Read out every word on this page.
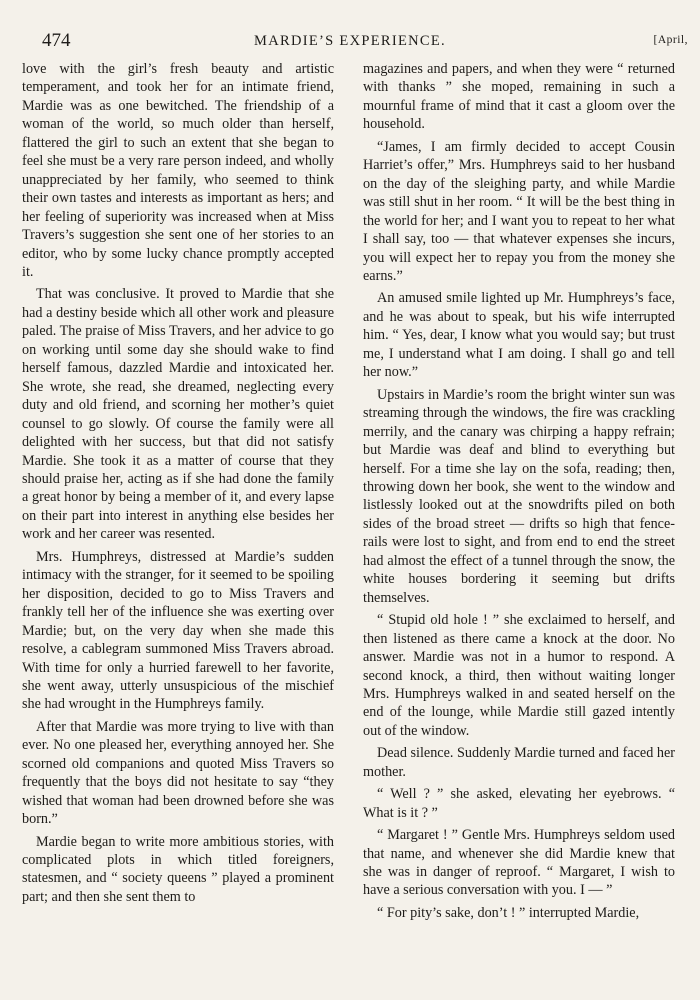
474	MARDIE’S EXPERIENCE.	[April,

love with the girl’s fresh beauty and artistic temperament, and took her for an intimate friend, Mardie was as one bewitched. The friendship of a woman of the world, so much older than herself, flattered the girl to such an extent that she began to feel she must be a very rare person indeed, and wholly unappreciated by her family, who seemed to think their own tastes and interests as important as hers; and her feeling of superiority was increased when at Miss Travers’s suggestion she sent one of her stories to an editor, who by some lucky chance promptly accepted it.

That was conclusive. It proved to Mardie that she had a destiny beside which all other work and pleasure paled. The praise of Miss Travers, and her advice to go on working until some day she should wake to find herself famous, dazzled Mardie and intoxicated her. She wrote, she read, she dreamed, neglecting every duty and old friend, and scorning her mother’s quiet counsel to go slowly. Of course the family were all delighted with her success, but that did not satisfy Mardie. She took it as a matter of course that they should praise her, acting as if she had done the family a great honor by being a member of it, and every lapse on their part into interest in anything else besides her work and her career was resented.

Mrs. Humphreys, distressed at Mardie’s sudden intimacy with the stranger, for it seemed to be spoiling her disposition, decided to go to Miss Travers and frankly tell her of the influence she was exerting over Mardie; but, on the very day when she made this resolve, a cablegram summoned Miss Travers abroad. With time for only a hurried farewell to her favorite, she went away, utterly unsuspicious of the mischief she had wrought in the Humphreys family.

After that Mardie was more trying to live with than ever. No one pleased her, everything annoyed her. She scorned old companions and quoted Miss Travers so frequently that the boys did not hesitate to say “they wished that woman had been drowned before she was born.”

Mardie began to write more ambitious stories, with complicated plots in which titled foreigners, statesmen, and “ society queens ” played a prominent part; and then she sent them to

magazines and papers, and when they were “ returned with thanks ” she moped, remaining in such a mournful frame of mind that it cast a gloom over the household.

“James, I am firmly decided to accept Cousin Harriet’s offer,” Mrs. Humphreys said to her husband on the day of the sleighing party, and while Mardie was still shut in her room. “ It will be the best thing in the world for her; and I want you to repeat to her what I shall say, too — that whatever expenses she incurs, you will expect her to repay you from the money she earns.”

An amused smile lighted up Mr. Humphreys’s face, and he was about to speak, but his wife interrupted him. “ Yes, dear, I know what you would say; but trust me, I understand what I am doing. I shall go and tell her now.”

Upstairs in Mardie’s room the bright winter sun was streaming through the windows, the fire was crackling merrily, and the canary was chirping a happy refrain; but Mardie was deaf and blind to everything but herself. For a time she lay on the sofa, reading; then, throwing down her book, she went to the window and listlessly looked out at the snowdrifts piled on both sides of the broad street — drifts so high that fence-rails were lost to sight, and from end to end the street had almost the effect of a tunnel through the snow, the white houses bordering it seeming but drifts themselves.

“ Stupid old hole ! ” she exclaimed to herself, and then listened as there came a knock at the door. No answer. Mardie was not in a humor to respond. A second knock, a third, then without waiting longer Mrs. Humphreys walked in and seated herself on the end of the lounge, while Mardie still gazed intently out of the window.

Dead silence. Suddenly Mardie turned and faced her mother.

“ Well ? ” she asked, elevating her eyebrows. “ What is it ? ”

“ Margaret ! ” Gentle Mrs. Humphreys seldom used that name, and whenever she did Mardie knew that she was in danger of reproof. “ Margaret, I wish to have a serious conversation with you. I — ”

“ For pity’s sake, don’t ! ” interrupted Mardie,
